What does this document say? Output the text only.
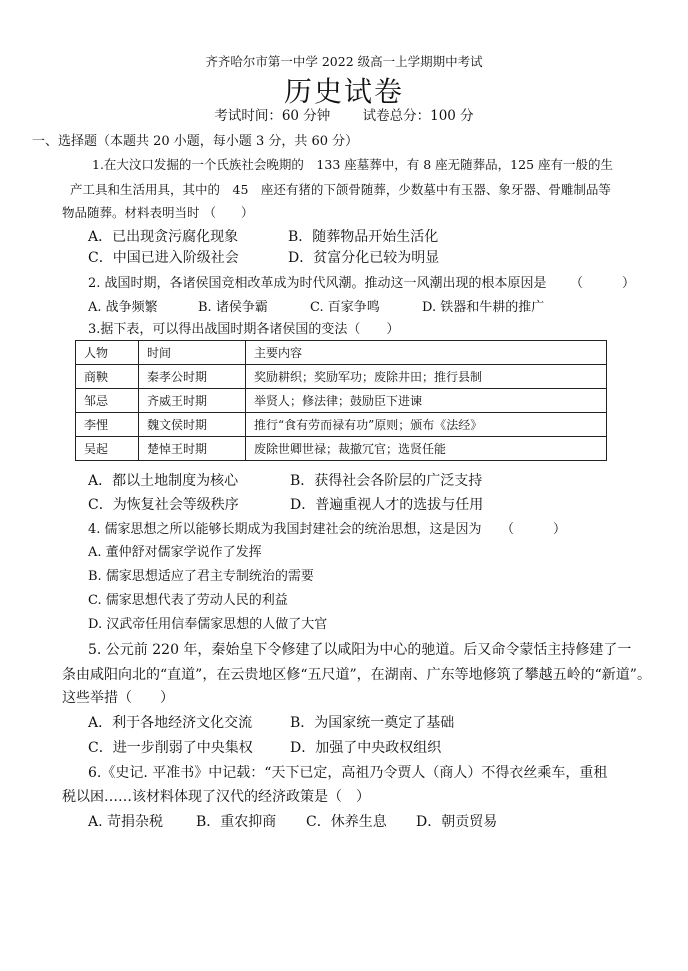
齐齐哈尔市第一中学 2022 级高一上学期期中考试
历史试卷
考试时间：60 分钟 试卷总分：100 分
一、选择题（本题共 20 小题，每小题 3 分，共 60 分）
1.在大汶口发掘的一个氏族社会晚期的　133 座墓葬中，有 8 座无随葬品，125 座有一般的生
产工具和生活用具，其中的　45　座还有猪的下颌骨随葬，少数墓中有玉器、象牙器、骨雕制品等
物品随葬。材料表明当时 （　　）
A．已出现贪污腐化现象	B．随葬物品开始生活化
C．中国已进入阶级社会	D．贫富分化已较为明显
2. 战国时期，各诸侯国竞相改革成为时代风潮。推动这一风潮出现的根本原因是 （　　　）
A. 战争频繁	B. 诸侯争霸	C. 百家争鸣	D. 铁器和牛耕的推广
3.据下表，可以得出战国时期各诸侯国的变法（　　）
人物	时间	主要内容
商鞅	秦孝公时期	奖励耕织；奖励军功；废除井田；推行县制
邹忌	齐威王时期	举贤人；修法律；鼓励臣下进谏
李悝	魏文侯时期	推行“食有劳而禄有功”原则；颁布《法经》
吴起	楚悼王时期	废除世卿世禄；裁撤冗官；选贤任能
A．都以土地制度为核心	B．获得社会各阶层的广泛支持
C．为恢复社会等级秩序	D．普遍重视人才的选拔与任用
4. 儒家思想之所以能够长期成为我国封建社会的统治思想，这是因为　　（　　　）
A. 董仲舒对儒家学说作了发挥
B. 儒家思想适应了君主专制统治的需要
C. 儒家思想代表了劳动人民的利益
D. 汉武帝任用信奉儒家思想的人做了大官
5. 公元前 220 年，秦始皇下令修建了以咸阳为中心的驰道。后又命令蒙恬主持修建了一
条由咸阳向北的“直道”，在云贵地区修“五尺道”，在湖南、广东等地修筑了攀越五岭的“新道”。
这些举措（　　）
A．利于各地经济文化交流	B．为国家统一奠定了基础
C．进一步削弱了中央集权	D．加强了中央政权组织
6.《史记. 平准书》中记载：“天下已定，高祖乃令贾人（商人）不得衣丝乘车，重租
税以困……该材料体现了汉代的经济政策是（　）
A. 苛捐杂税 B．重农抑商 C．休养生息 D．朝贡贸易
